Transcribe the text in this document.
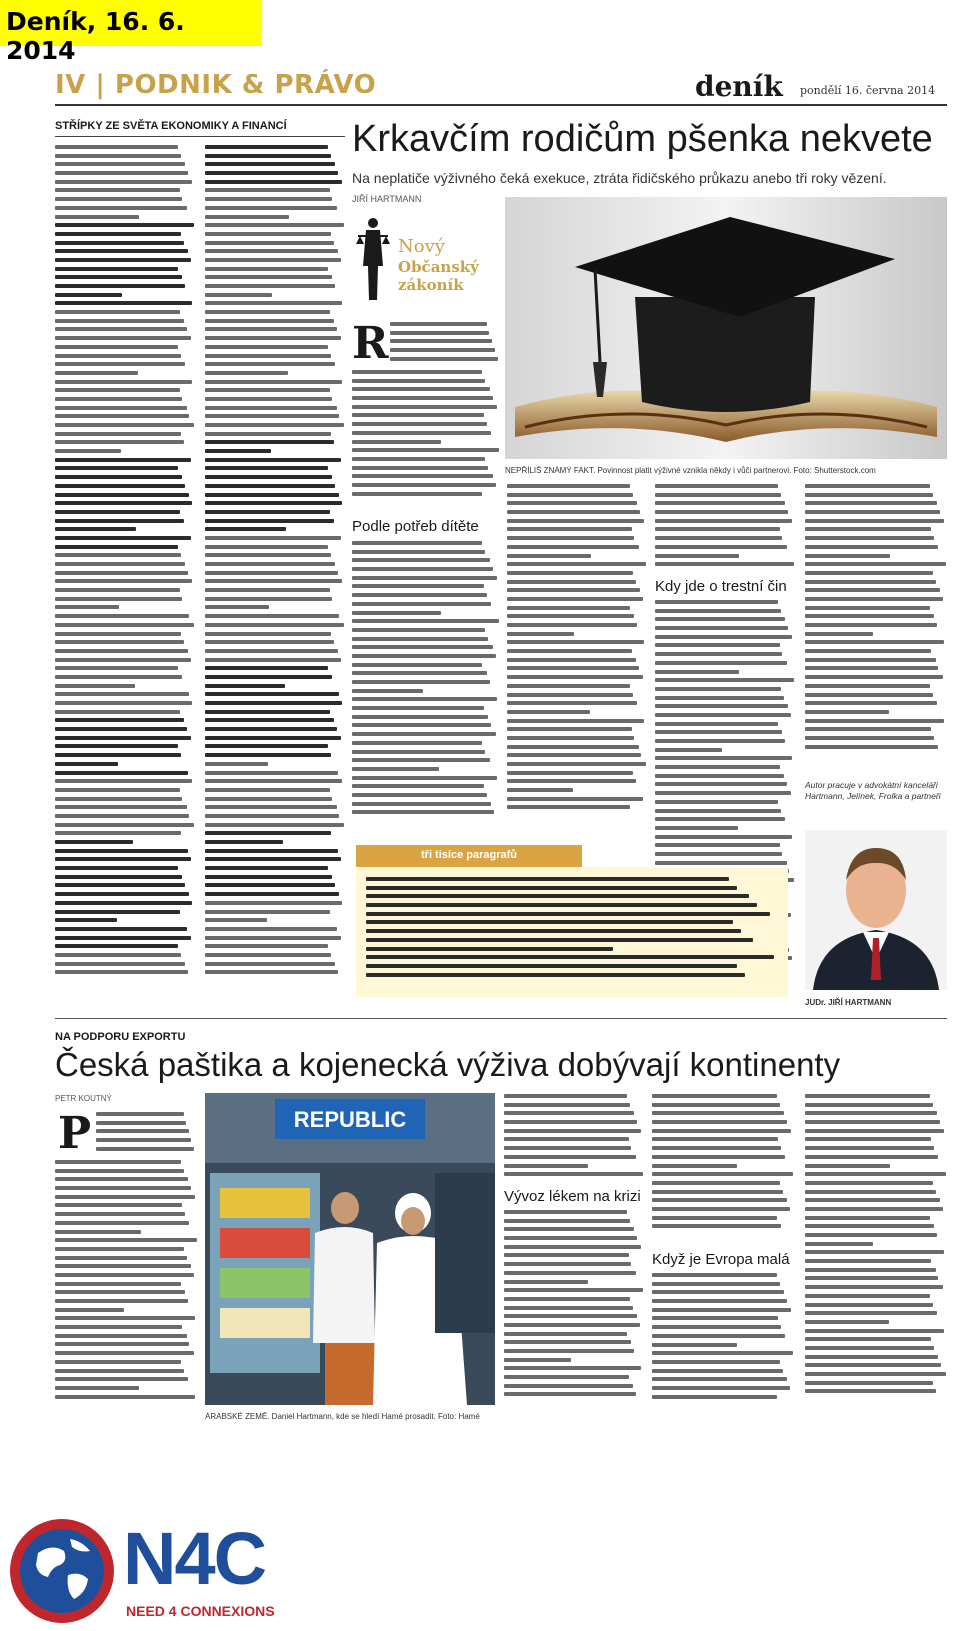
Deník, 16. 6. 2014
IV | PODNIK & PRÁVO	deník pondělí 16. června 2014
STŘÍPKY ZE SVĚTA EKONOMIKY A FINANCÍ Krkavčím rodičům pšenka nekvete
Na neplatiče výživného čeká exekuce, ztráta řidičského průkazu anebo tři roky vězení.
JIŘÍ HARTMANN
Nový
Občanský zákoník
NEPŘÍLIŠ ZNÁMÝ FAKT. Povinnost platit výživné vznikla někdy i vůči partnerovi. Foto: Shutterstock.com
R
Podle potřeb dítěte
Kdy jde o trestní čin
Autor pracuje v advokátní kanceláři Hartmann, Jelínek, Frolka a partneři
tři tisíce paragrafů
JUDr. JIŘÍ HARTMANN
NA PODPORU EXPORTU
Česká paštika a kojenecká výživa dobývají kontinenty
PETR KOUTNÝ
P	REPUBLIC
ARABSKÉ ZEMĚ. Daniel Hartmann, kde se hledí Hamé prosadit. Foto: Hamé
Vývoz lékem na krizi
Když je Evropa malá
N4C
NEED 4 CONNEXIONS
